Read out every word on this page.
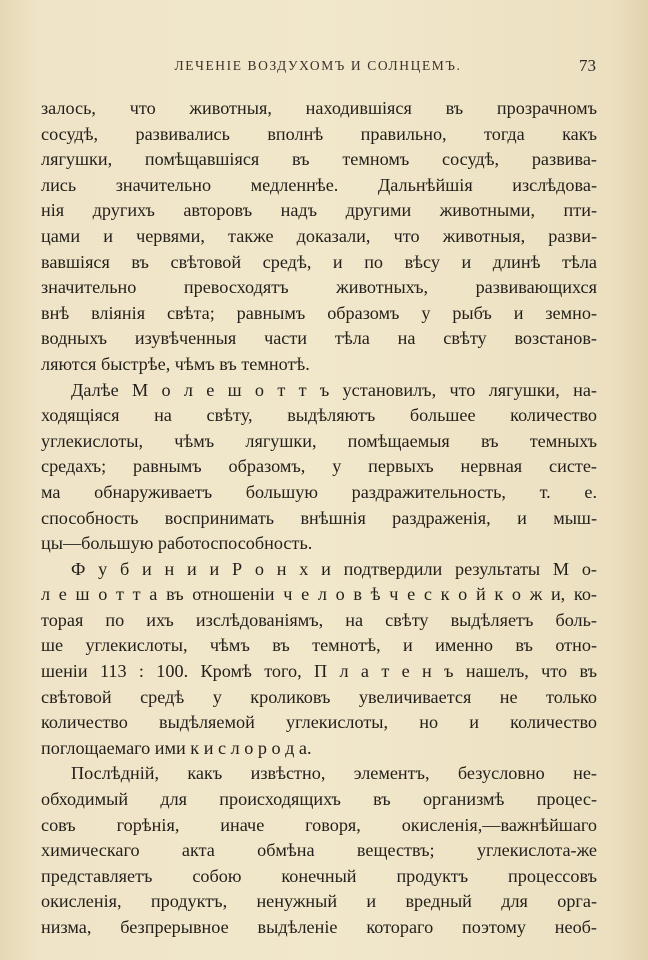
ЛЕЧЕНІЕ ВОЗДУХОМЪ И СОЛНЦЕМЪ.	73
залось, что животныя, находившіяся въ прозрачномъ
сосудѣ, развивались вполнѣ правильно, тогда какъ
лягушки, помѣщавшіяся въ темномъ сосудѣ, развива-
лись значительно медленнѣе. Дальнѣйшія изслѣдова-
нія другихъ авторовъ надъ другими животными, пти-
цами и червями, также доказали, что животныя, разви-
вавшіяся въ свѣтовой средѣ, и по вѣсу и длинѣ тѣла
значительно превосходятъ животныхъ, развивающихся
внѣ вліянія свѣта; равнымъ образомъ у рыбъ и земно-
водныхъ изувѣченныя части тѣла на свѣту возстанов-
ляются быстрѣе, чѣмъ въ темнотѣ.
Далѣе М о л е ш о т т ъ установилъ, что лягушки, на-
ходящіяся на свѣту, выдѣляютъ большее количество
углекислоты, чѣмъ лягушки, помѣщаемыя въ темныхъ
средахъ; равнымъ образомъ, у первыхъ нервная систе-
ма обнаруживаетъ большую раздражительность, т. е.
способность воспринимать внѣшнія раздраженія, и мыш-
цы—большую работоспособность.
Ф у б и н и и Р о н х и подтвердили результаты М о-
л е ш о т т а въ отношеніи ч е л о в ѣ ч е с к о й к о ж и, ко-
торая по ихъ изслѣдованіямъ, на свѣту выдѣляетъ боль-
ше углекислоты, чѣмъ въ темнотѣ, и именно въ отно-
шеніи 113 : 100. Кромѣ того, П л а т е н ъ нашелъ, что въ
свѣтовой средѣ у кроликовъ увеличивается не только
количество выдѣляемой углекислоты, но и количество
поглощаемаго ими к и с л о р о д а.
Послѣдній, какъ извѣстно, элементъ, безусловно не-
обходимый для происходящихъ въ организмѣ процес-
совъ горѣнія, иначе говоря, окисленія,—важнѣйшаго
химическаго акта обмѣна веществъ; углекислота-же
представляетъ собою конечный продуктъ процессовъ
окисленія, продуктъ, ненужный и вредный для орга-
низма, безпрерывное выдѣленіе котораго поэтому необ-
